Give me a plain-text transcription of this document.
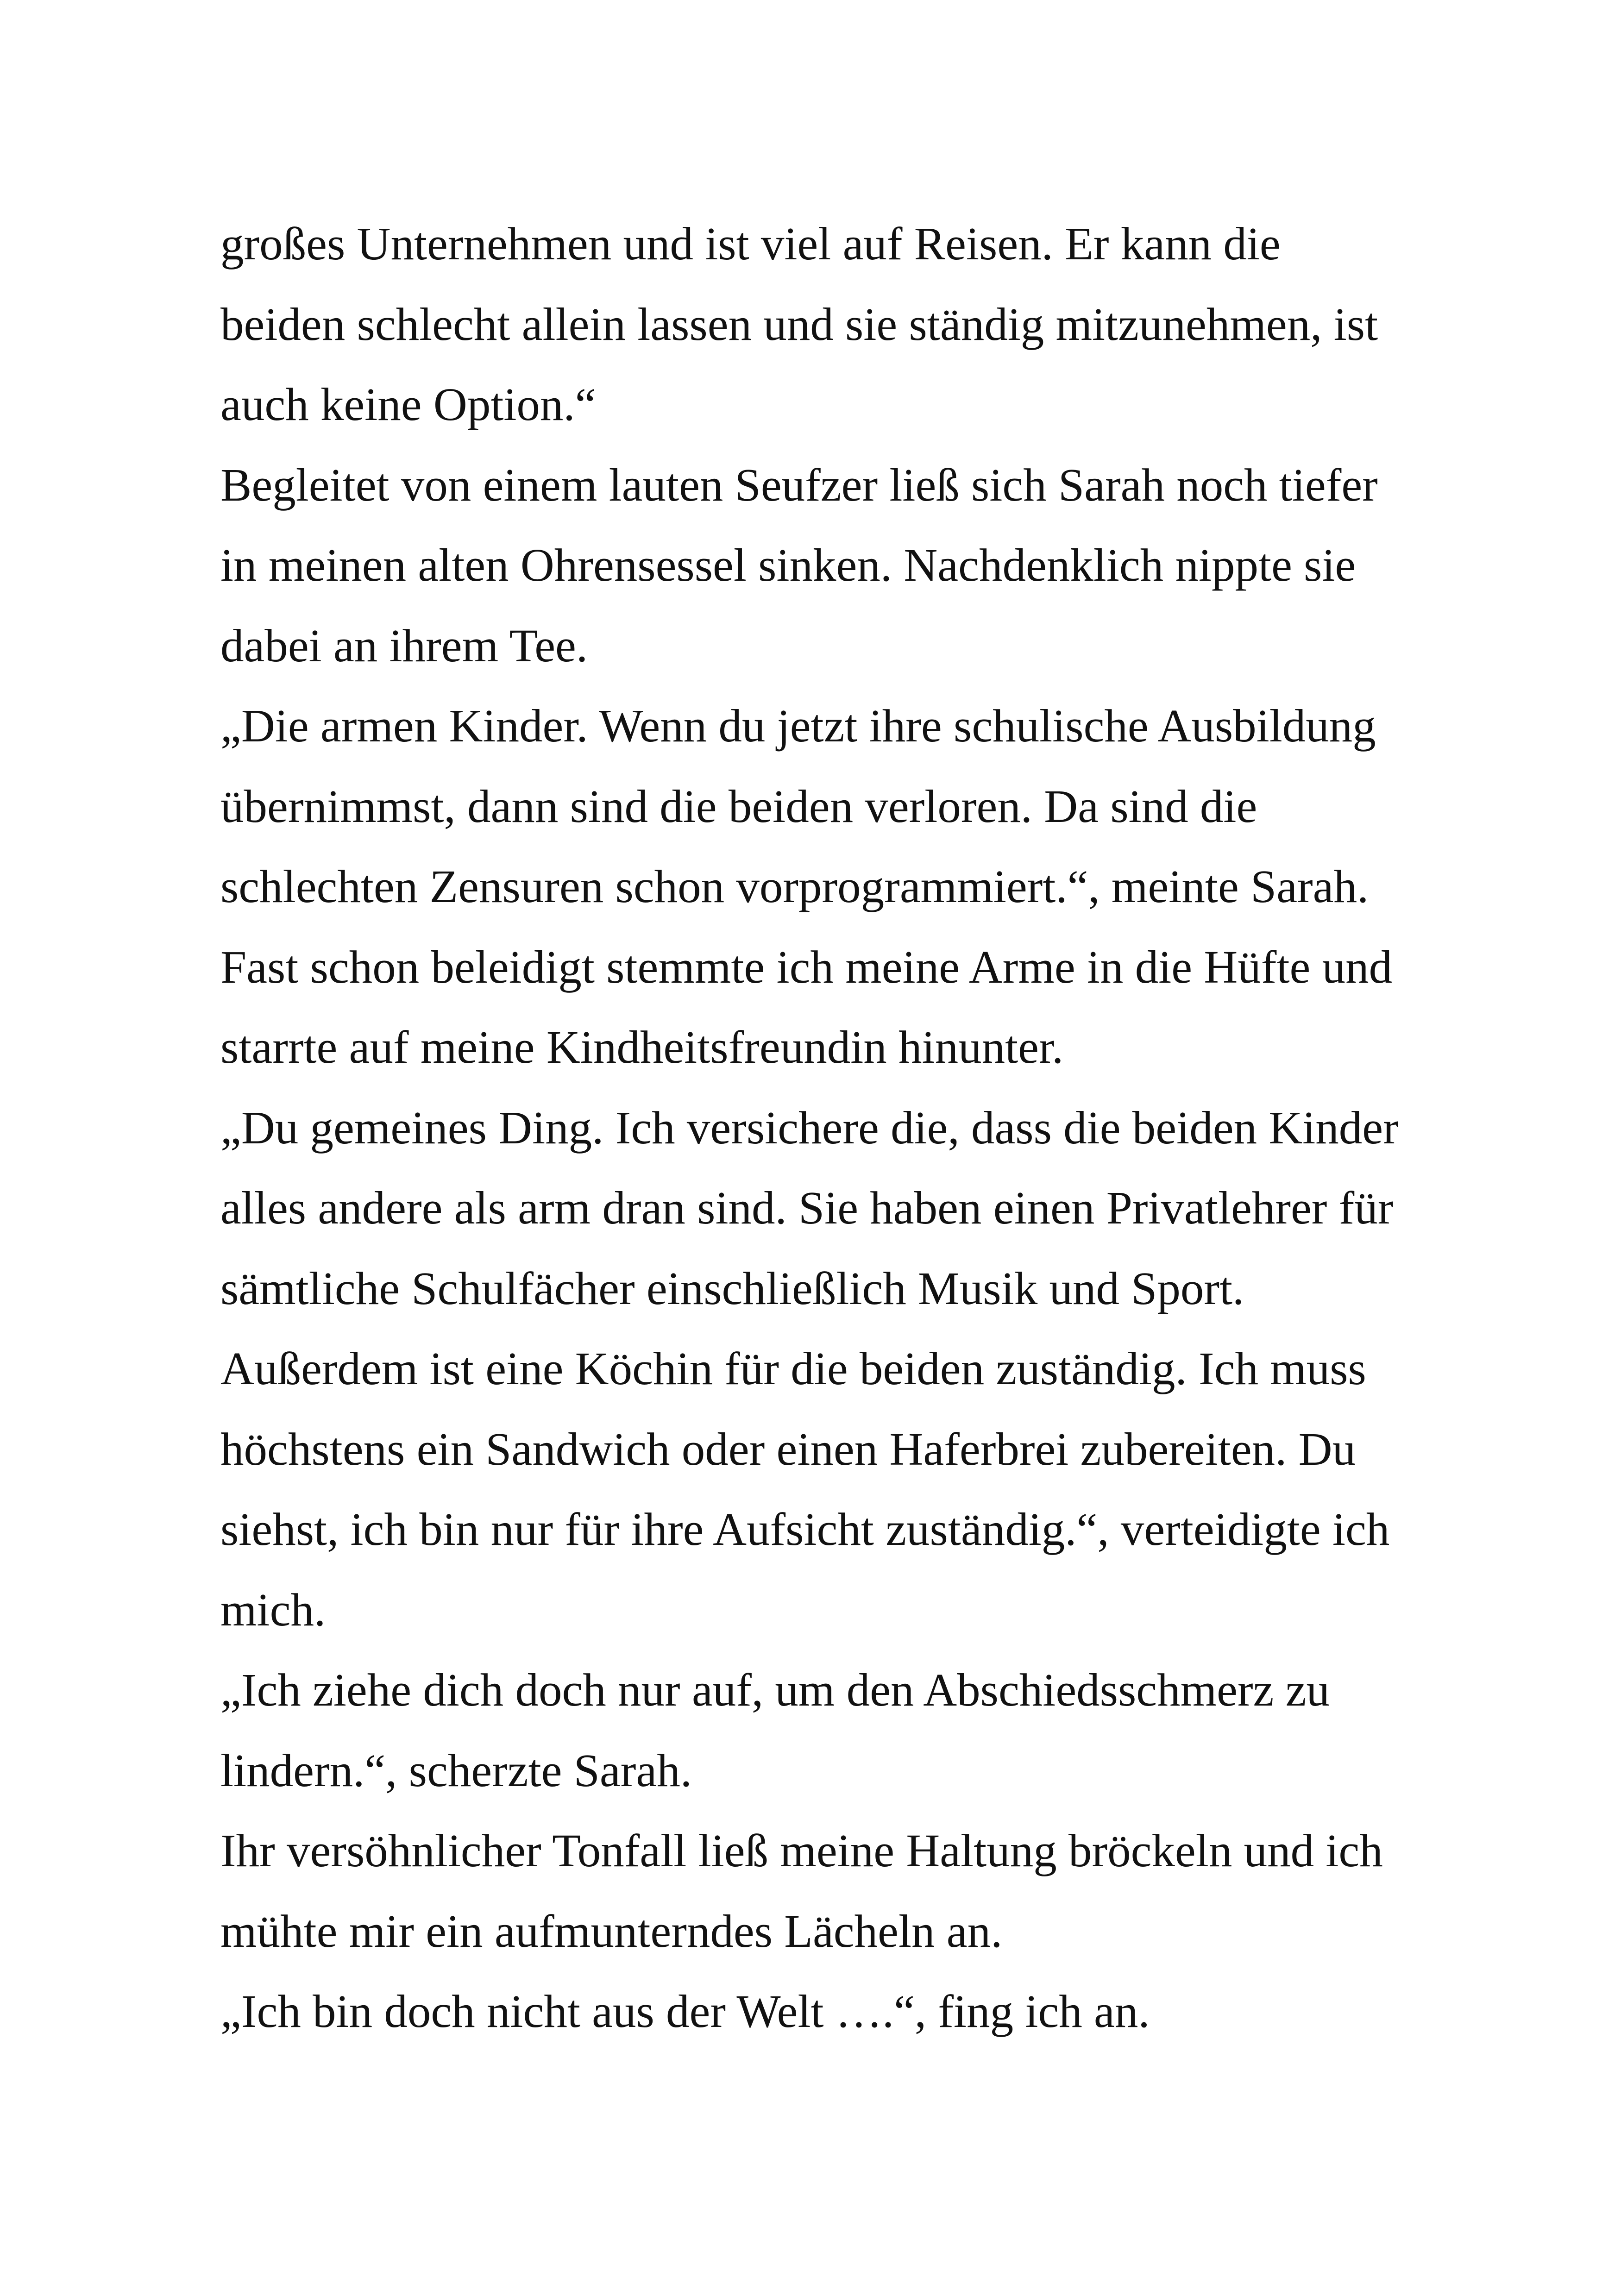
großes Unternehmen und ist viel auf Reisen. Er kann die
beiden schlecht allein lassen und sie ständig mitzunehmen, ist
auch keine Option.“
Begleitet von einem lauten Seufzer ließ sich Sarah noch tiefer
in meinen alten Ohrensessel sinken. Nachdenklich nippte sie
dabei an ihrem Tee.
„Die armen Kinder. Wenn du jetzt ihre schulische Ausbildung
übernimmst, dann sind die beiden verloren. Da sind die
schlechten Zensuren schon vorprogrammiert.“, meinte Sarah.
Fast schon beleidigt stemmte ich meine Arme in die Hüfte und
starrte auf meine Kindheitsfreundin hinunter.
„Du gemeines Ding. Ich versichere die, dass die beiden Kinder
alles andere als arm dran sind. Sie haben einen Privatlehrer für
sämtliche Schulfächer einschließlich Musik und Sport.
Außerdem ist eine Köchin für die beiden zuständig. Ich muss
höchstens ein Sandwich oder einen Haferbrei zubereiten. Du
siehst, ich bin nur für ihre Aufsicht zuständig.“, verteidigte ich
mich.
„Ich ziehe dich doch nur auf, um den Abschiedsschmerz zu
lindern.“, scherzte Sarah.
Ihr versöhnlicher Tonfall ließ meine Haltung bröckeln und ich
mühte mir ein aufmunterndes Lächeln an.
„Ich bin doch nicht aus der Welt ….“, fing ich an.
